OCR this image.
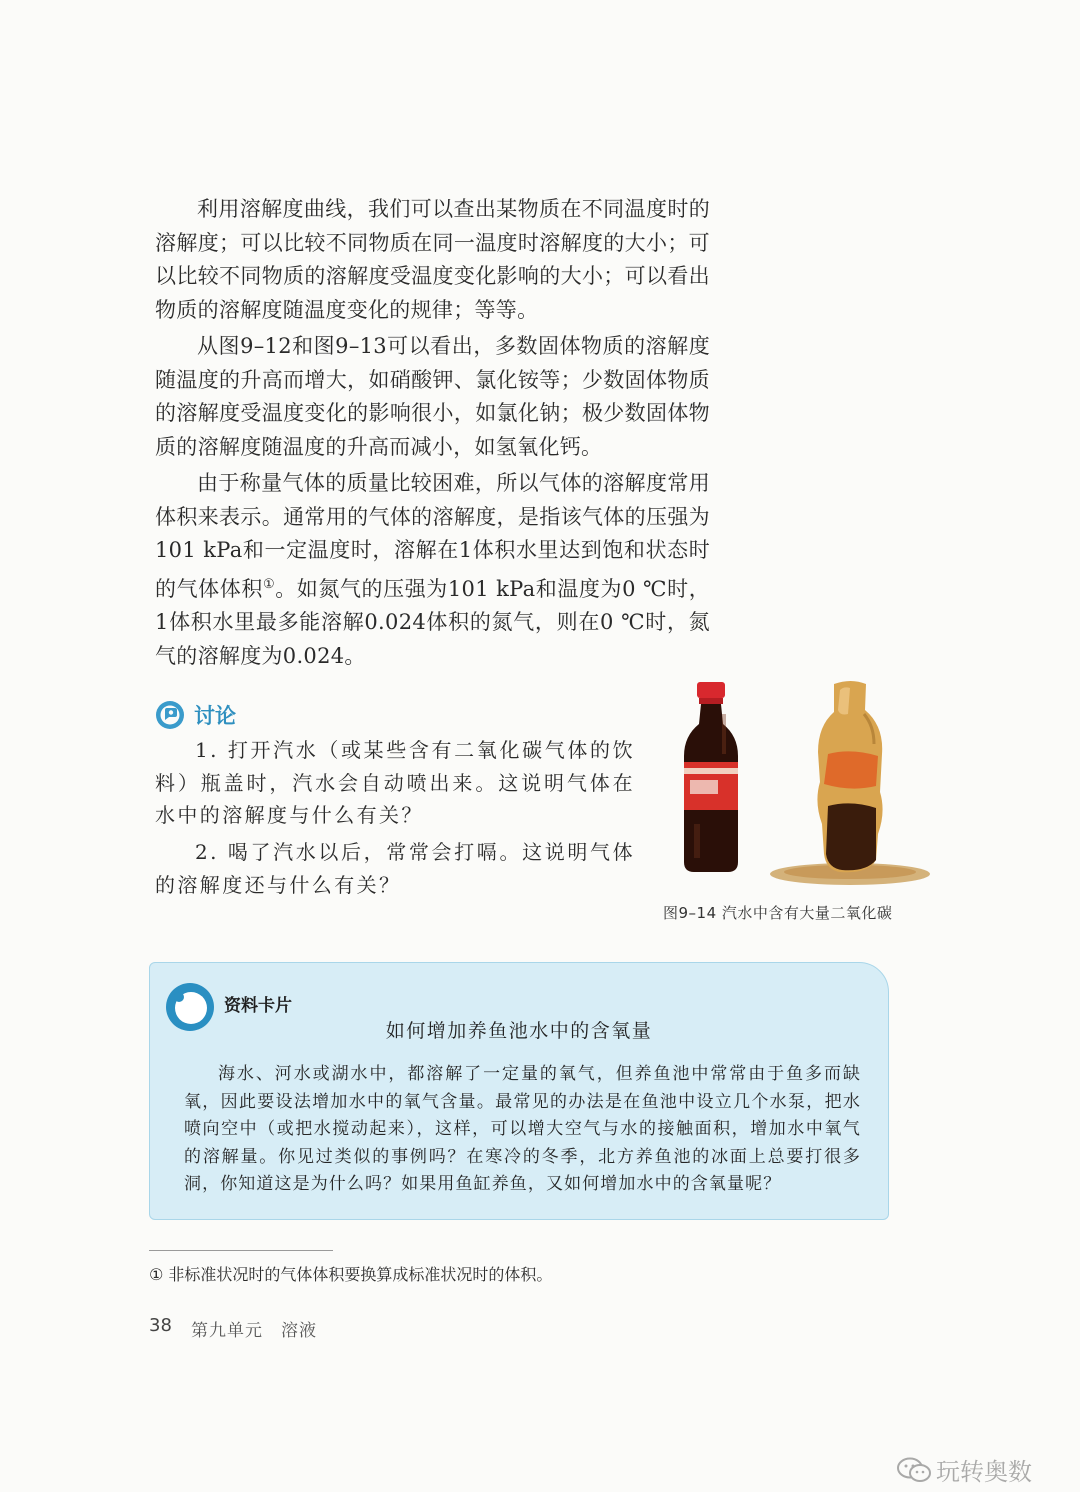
利用溶解度曲线，我们可以查出某物质在不同温度时的溶解度；可以比较不同物质在同一温度时溶解度的大小；可以比较不同物质的溶解度受温度变化影响的大小；可以看出物质的溶解度随温度变化的规律；等等。

从图9–12和图9–13可以看出，多数固体物质的溶解度随温度的升高而增大，如硝酸钾、氯化铵等；少数固体物质的溶解度受温度变化的影响很小，如氯化钠；极少数固体物质的溶解度随温度的升高而减小，如氢氧化钙。

由于称量气体的质量比较困难，所以气体的溶解度常用体积来表示。通常用的气体的溶解度，是指该气体的压强为101 kPa和一定温度时，溶解在1体积水里达到饱和状态时的气体体积①。如氮气的压强为101 kPa和温度为0 ℃时，1体积水里最多能溶解0.024体积的氮气，则在0 ℃时，氮气的溶解度为0.024。

讨论

1. 打开汽水（或某些含有二氧化碳气体的饮料）瓶盖时，汽水会自动喷出来。这说明气体在水中的溶解度与什么有关？

2. 喝了汽水以后，常常会打嗝。这说明气体的溶解度还与什么有关？

图9–14 汽水中含有大量二氧化碳
资料卡片
如何增加养鱼池水中的含氧量

海水、河水或湖水中，都溶解了一定量的氧气，但养鱼池中常常由于鱼多而缺氧，因此要设法增加水中的氧气含量。最常见的办法是在鱼池中设立几个水泵，把水喷向空中（或把水搅动起来），这样，可以增大空气与水的接触面积，增加水中氧气的溶解量。你见过类似的事例吗？在寒冷的冬季，北方养鱼池的冰面上总要打很多洞，你知道这是为什么吗？如果用鱼缸养鱼，又如何增加水中的含氧量呢？

① 非标准状况时的气体体积要换算成标准状况时的体积。
38 第九单元　溶液
玩转奥数
